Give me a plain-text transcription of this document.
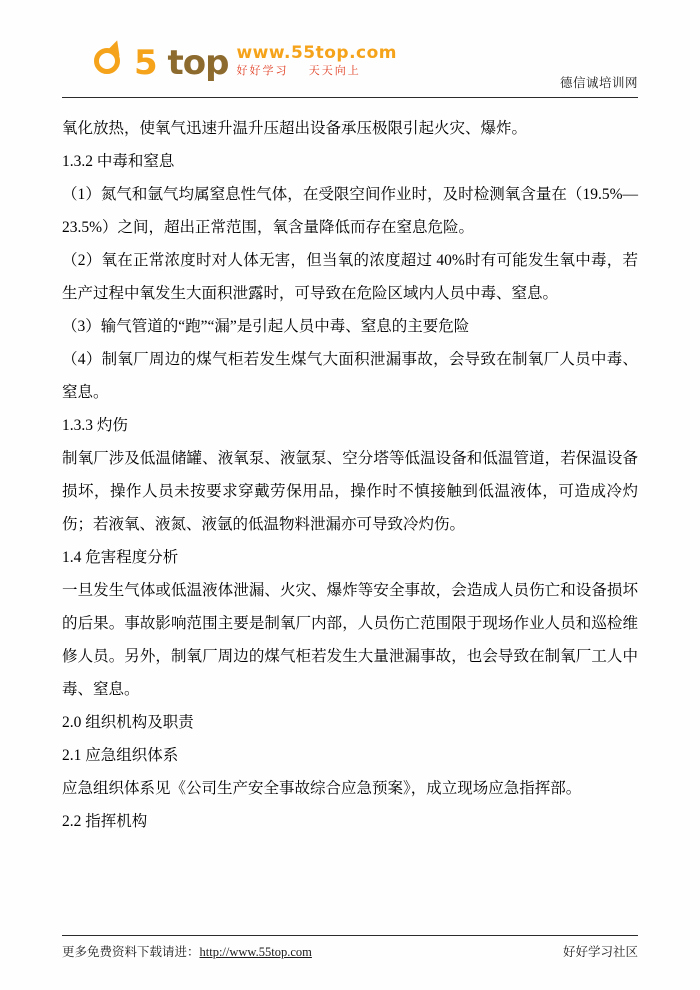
5 top www.55top.com
好好学习 天天向上
德信诚培训网

氧化放热，使氧气迅速升温升压超出设备承压极限引起火灾、爆炸。

1.3.2 中毒和窒息

（1）氮气和氩气均属窒息性气体，在受限空间作业时，及时检测氧含量在（19.5%—23.5%）之间，超出正常范围，氧含量降低而存在窒息危险。

（2）氧在正常浓度时对人体无害，但当氧的浓度超过 40%时有可能发生氧中毒，若生产过程中氧发生大面积泄露时，可导致在危险区域内人员中毒、窒息。

（3）输气管道的“跑”“漏”是引起人员中毒、窒息的主要危险

（4）制氧厂周边的煤气柜若发生煤气大面积泄漏事故，会导致在制氧厂人员中毒、窒息。

1.3.3 灼伤

制氧厂涉及低温储罐、液氧泵、液氩泵、空分塔等低温设备和低温管道，若保温设备损坏，操作人员未按要求穿戴劳保用品，操作时不慎接触到低温液体，可造成冷灼伤；若液氧、液氮、液氩的低温物料泄漏亦可导致冷灼伤。

1.4 危害程度分析

一旦发生气体或低温液体泄漏、火灾、爆炸等安全事故，会造成人员伤亡和设备损坏的后果。事故影响范围主要是制氧厂内部，人员伤亡范围限于现场作业人员和巡检维修人员。另外，制氧厂周边的煤气柜若发生大量泄漏事故，也会导致在制氧厂工人中毒、窒息。

2.0 组织机构及职责

2.1 应急组织体系

应急组织体系见《公司生产安全事故综合应急预案》，成立现场应急指挥部。

2.2 指挥机构

更多免费资料下载请进：http://www.55top.com	好好学习社区
